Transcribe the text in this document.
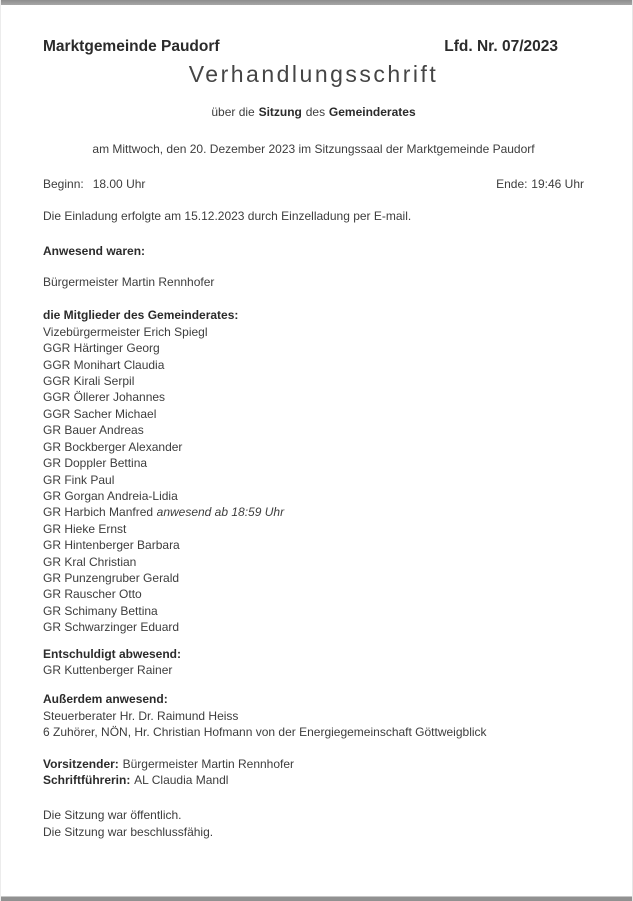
Marktgemeinde Paudorf	Lfd. Nr. 07/2023
Verhandlungsschrift
über die Sitzung des Gemeinderates
am Mittwoch, den 20. Dezember 2023 im Sitzungssaal der Marktgemeinde Paudorf
Beginn: 18.00 Uhr	Ende: 19:46 Uhr
Die Einladung erfolgte am 15.12.2023 durch Einzelladung per E-mail.
Anwesend waren:
Bürgermeister Martin Rennhofer
die Mitglieder des Gemeinderates:
Vizebürgermeister Erich Spiegl
GGR Härtinger Georg
GGR Monihart Claudia
GGR Kirali Serpil
GGR Öllerer Johannes
GGR Sacher Michael
GR Bauer Andreas
GR Bockberger Alexander
GR Doppler Bettina
GR Fink Paul
GR Gorgan Andreia-Lidia
GR Harbich Manfred anwesend ab 18:59 Uhr
GR Hieke Ernst
GR Hintenberger Barbara
GR Kral Christian
GR Punzengruber Gerald
GR Rauscher Otto
GR Schimany Bettina
GR Schwarzinger Eduard
Entschuldigt abwesend:
GR Kuttenberger Rainer
Außerdem anwesend:
Steuerberater Hr. Dr. Raimund Heiss
6 Zuhörer, NÖN, Hr. Christian Hofmann von der Energiegemeinschaft Göttweigblick
Vorsitzender: Bürgermeister Martin Rennhofer
Schriftführerin: AL Claudia Mandl
Die Sitzung war öffentlich.
Die Sitzung war beschlussfähig.
